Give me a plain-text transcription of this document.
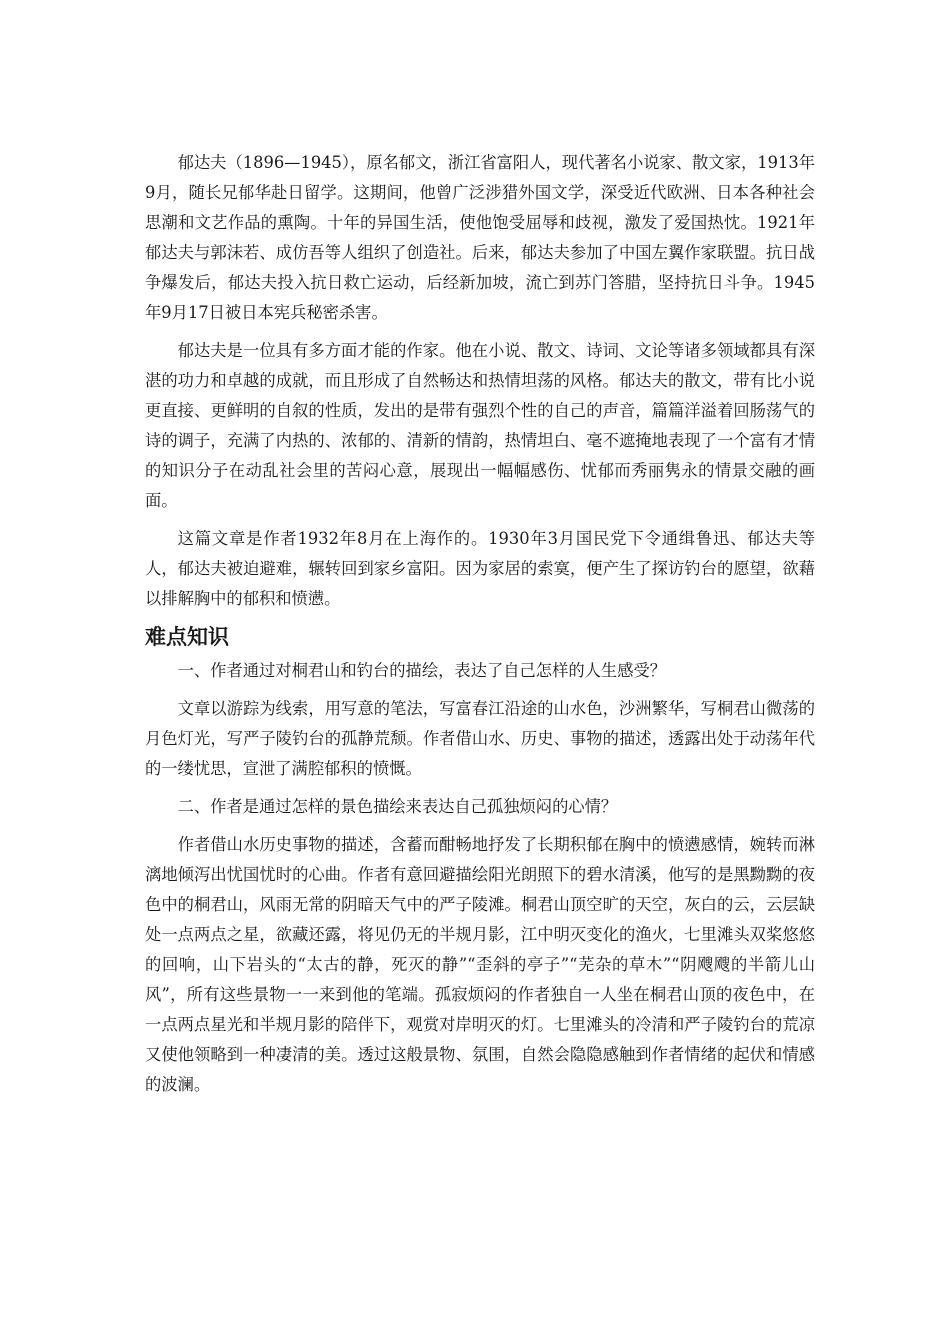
郁达夫（1896—1945），原名郁文，浙江省富阳人，现代著名小说家、散文家，1913年9月，随长兄郁华赴日留学。这期间，他曾广泛涉猎外国文学，深受近代欧洲、日本各种社会思潮和文艺作品的熏陶。十年的异国生活，使他饱受屈辱和歧视，激发了爱国热忱。1921年郁达夫与郭沫若、成仿吾等人组织了创造社。后来，郁达夫参加了中国左翼作家联盟。抗日战争爆发后，郁达夫投入抗日救亡运动，后经新加坡，流亡到苏门答腊，坚持抗日斗争。1945年9月17日被日本宪兵秘密杀害。

郁达夫是一位具有多方面才能的作家。他在小说、散文、诗词、文论等诸多领域都具有深湛的功力和卓越的成就，而且形成了自然畅达和热情坦荡的风格。郁达夫的散文，带有比小说更直接、更鲜明的自叙的性质，发出的是带有强烈个性的自己的声音，篇篇洋溢着回肠荡气的诗的调子，充满了内热的、浓郁的、清新的情韵，热情坦白、毫不遮掩地表现了一个富有才情的知识分子在动乱社会里的苦闷心意，展现出一幅幅感伤、忧郁而秀丽隽永的情景交融的画面。

这篇文章是作者1932年8月在上海作的。1930年3月国民党下令通缉鲁迅、郁达夫等人，郁达夫被迫避难，辗转回到家乡富阳。因为家居的索寞，便产生了探访钓台的愿望，欲藉以排解胸中的郁积和愤懑。

难点知识

一、作者通过对桐君山和钓台的描绘，表达了自己怎样的人生感受？

文章以游踪为线索，用写意的笔法，写富春江沿途的山水色，沙洲繁华，写桐君山微荡的月色灯光，写严子陵钓台的孤静荒颓。作者借山水、历史、事物的描述，透露出处于动荡年代的一缕忧思，宣泄了满腔郁积的愤慨。

二、作者是通过怎样的景色描绘来表达自己孤独烦闷的心情？

作者借山水历史事物的描述，含蓄而酣畅地抒发了长期积郁在胸中的愤懑感情，婉转而淋漓地倾泻出忧国忧时的心曲。作者有意回避描绘阳光朗照下的碧水清溪，他写的是黑黝黝的夜色中的桐君山，风雨无常的阴暗天气中的严子陵滩。桐君山顶空旷的天空，灰白的云，云层缺处一点两点之星，欲藏还露，将见仍无的半规月影，江中明灭变化的渔火，七里滩头双桨悠悠的回响，山下岩头的“太古的静，死灭的静”“歪斜的亭子”“芜杂的草木”“阴飕飕的半箭儿山风”，所有这些景物一一来到他的笔端。孤寂烦闷的作者独自一人坐在桐君山顶的夜色中，在一点两点星光和半规月影的陪伴下，观赏对岸明灭的灯。七里滩头的冷清和严子陵钓台的荒凉又使他领略到一种凄清的美。透过这般景物、氛围，自然会隐隐感触到作者情绪的起伏和情感的波澜。
